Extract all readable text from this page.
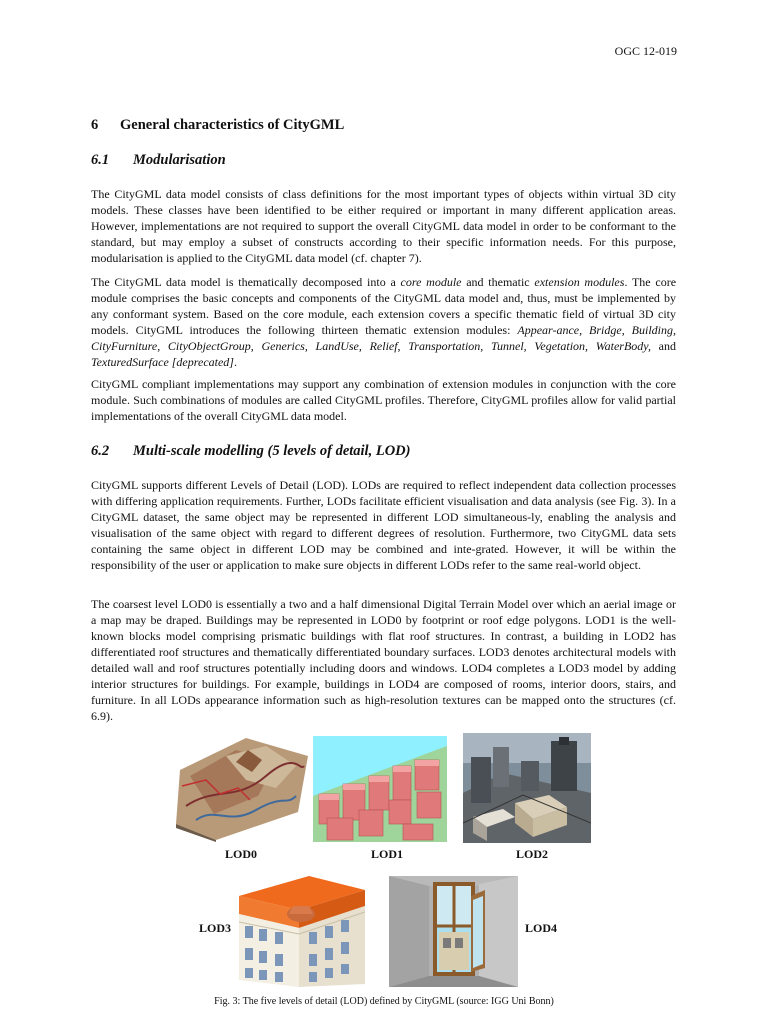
OGC 12-019
6 General characteristics of CityGML
6.1 Modularisation

The CityGML data model consists of class definitions for the most important types of objects within virtual 3D city models. These classes have been identified to be either required or important in many different application areas. However, implementations are not required to support the overall CityGML data model in order to be conformant to the standard, but may employ a subset of constructs according to their specific information needs. For this purpose, modularisation is applied to the CityGML data model (cf. chapter 7).

The CityGML data model is thematically decomposed into a core module and thematic extension modules. The core module comprises the basic concepts and components of the CityGML data model and, thus, must be implemented by any conformant system. Based on the core module, each extension covers a specific thematic field of virtual 3D city models. CityGML introduces the following thirteen thematic extension modules: Appear-ance, Bridge, Building, CityFurniture, CityObjectGroup, Generics, LandUse, Relief, Transportation, Tunnel, Vegetation, WaterBody, and TexturedSurface [deprecated].

CityGML compliant implementations may support any combination of extension modules in conjunction with the core module. Such combinations of modules are called CityGML profiles. Therefore, CityGML profiles allow for valid partial implementations of the overall CityGML data model.

6.2 Multi-scale modelling (5 levels of detail, LOD)

CityGML supports different Levels of Detail (LOD). LODs are required to reflect independent data collection processes with differing application requirements. Further, LODs facilitate efficient visualisation and data analysis (see Fig. 3). In a CityGML dataset, the same object may be represented in different LOD simultaneous-ly, enabling the analysis and visualisation of the same object with regard to different degrees of resolution. Furthermore, two CityGML data sets containing the same object in different LOD may be combined and inte-grated. However, it will be within the responsibility of the user or application to make sure objects in different LODs refer to the same real-world object.

The coarsest level LOD0 is essentially a two and a half dimensional Digital Terrain Model over which an aerial image or a map may be draped. Buildings may be represented in LOD0 by footprint or roof edge polygons. LOD1 is the well-known blocks model comprising prismatic buildings with flat roof structures. In contrast, a building in LOD2 has differentiated roof structures and thematically differentiated boundary surfaces. LOD3 denotes architectural models with detailed wall and roof structures potentially including doors and windows. LOD4 completes a LOD3 model by adding interior structures for buildings. For example, buildings in LOD4 are composed of rooms, interior doors, stairs, and furniture. In all LODs appearance information such as high-resolution textures can be mapped onto the structures (cf. 6.9).

LOD0	LOD1	LOD2
LOD3	LOD4
Fig. 3: The five levels of detail (LOD) defined by CityGML (source: IGG Uni Bonn)
